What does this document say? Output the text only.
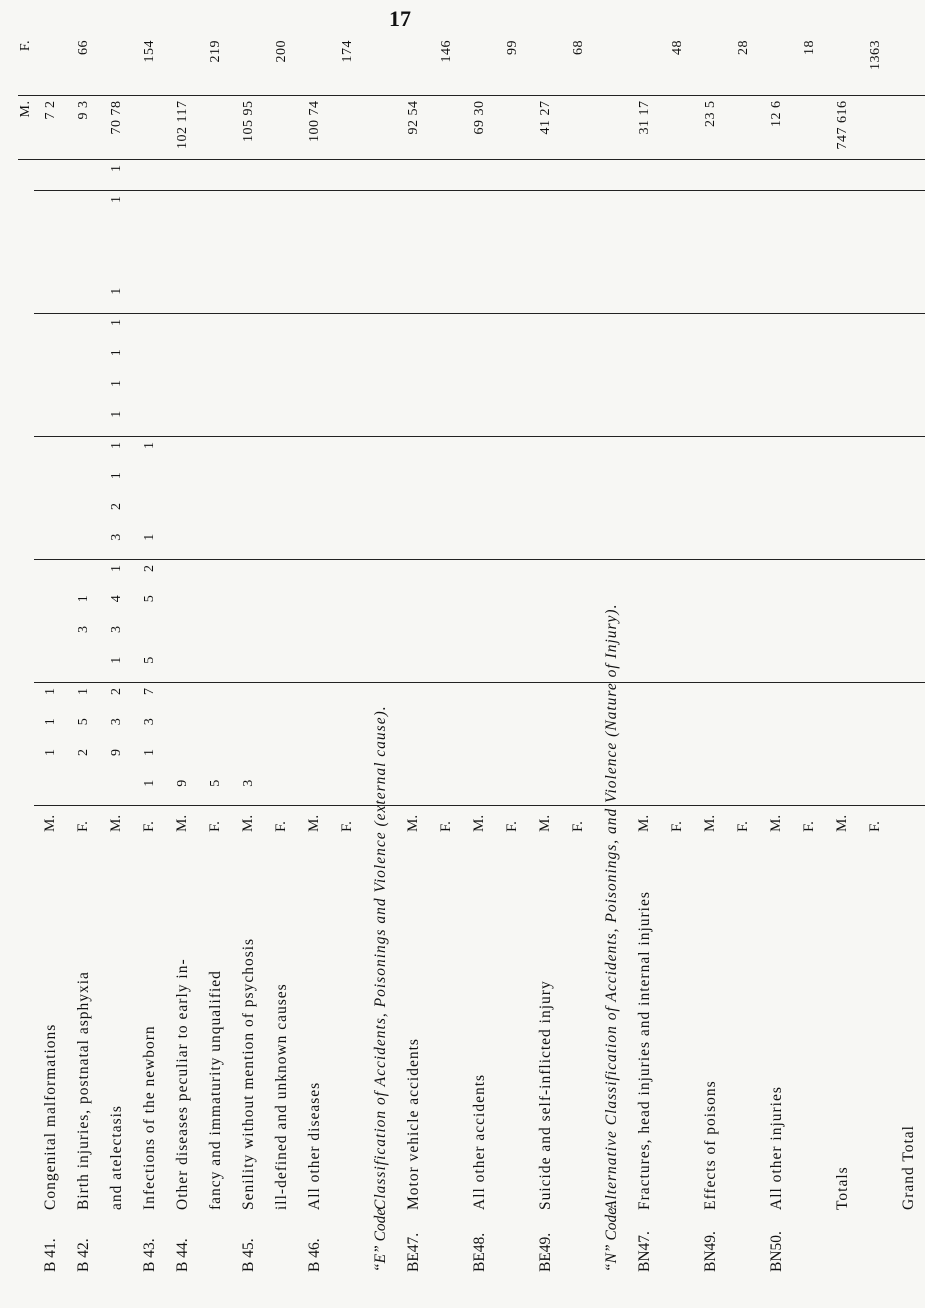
17
																							M.	F.
B 41.Congenital malformations	M.		1	1	1																		7 2	
B 42.Birth injuries, postnatal asphyxia	F.		2	5	1		3	1															9 3	66
and atelectasis	M.		9	3	2	1	3	4	1	3	2	1	1	1	1	1	1	1			1	1	70 78	
B 43.Infections of the newborn	F.	1	1	3	7	5		5	2	1			1											154
B 44.Other diseases peculiar to early in-	M.	9																					102 117	
fancy and immaturity unqualified	F.	5																						219
B 45.Senility without mention of psychosis	M.	3																					105 95	
ill-defined and unknown causes	F.																							200
B 46.All other diseases	M.																						100 74	
	F.																							174
“E” Code.Classification of Accidents, Poisonings and Violence (external cause).																								
BE47.Motor vehicle accidents	M.																						92 54	
	F.																							146
BE48.All other accidents	M.																						69 30	
	F.																							99
BE49.Suicide and self-inflicted injury	M.																						41 27	
	F.																							68
“N” Code.Alternative Classification of Accidents, Poisonings, and Violence (Nature of Injury).																								
BN47.Fractures, head injuries and internal injuries	M.																						31 17	
	F.																							48
BN49.Effects of poisons	M.																						23 5	
	F.																							28
BN50.All other injuries	M.																						12 6	
	F.																							18
Totals	M.																						747 616	
	F.																							1363
Grand Total																								
